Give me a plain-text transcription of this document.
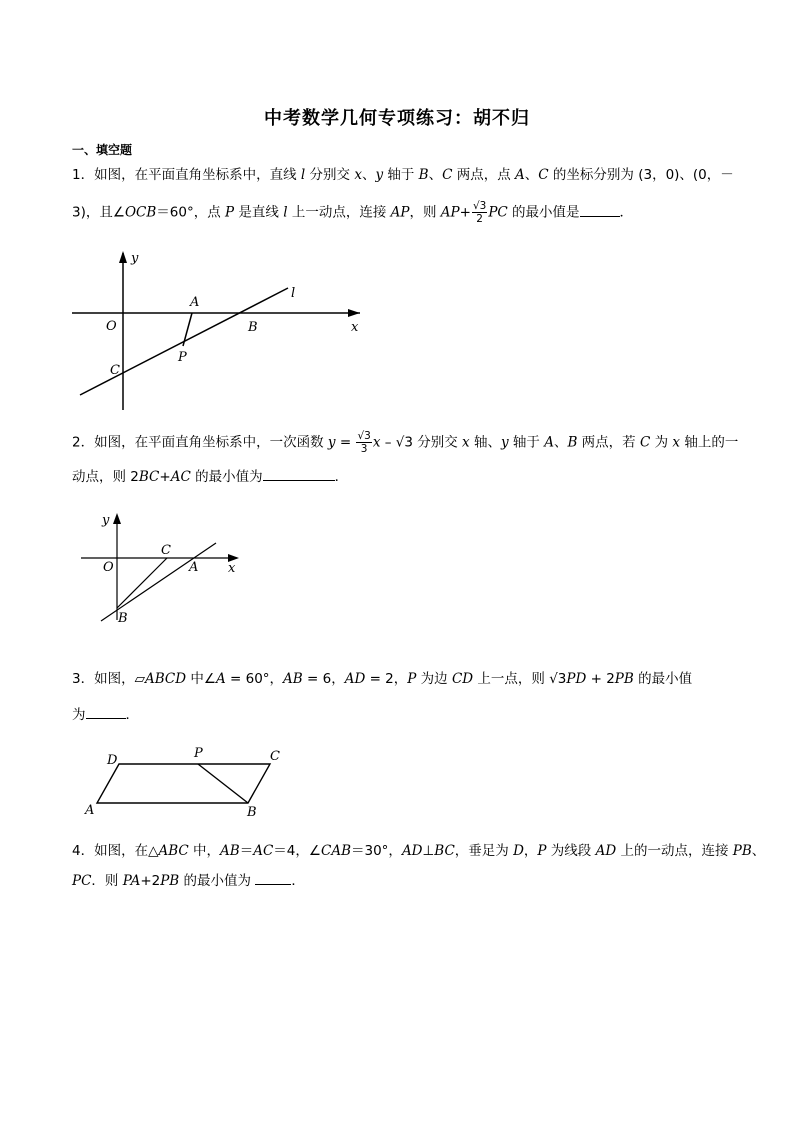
中考数学几何专项练习：胡不归
一、填空题
1．如图，在平面直角坐标系中，直线 l 分别交 x、y 轴于 B、C 两点，点 A、C 的坐标分别为 (3，0)、(0，－
3)，且∠OCB＝60°，点 P 是直线 l 上一动点，连接 AP，则 $AP+ \frac{√3}{2}$ PC 的最小值是	．
y
x
O
A
B
C
P
l
2．如图，在平面直角坐标系中，一次函数 $y = \frac{√3}{3}$ x – √3 分别交 x 轴、y 轴于 A、B 两点，若 C 为 x 轴上的一
动点，则 2BC+AC 的最小值为	．
y
x
O
C
A
B
3．如图，▱ABCD 中∠A = 60°，AB = 6，AD = 2，P 为边 CD 上一点，则 √3PD + 2PB 的最小值
为	．
A	B
C
D	P
4．如图，在△ABC 中，AB＝AC＝4，∠CAB＝30°，AD⊥BC，垂足为 D，P 为线段 AD 上的一动点，连接 PB、
PC．则 PA+2PB 的最小值为	．
